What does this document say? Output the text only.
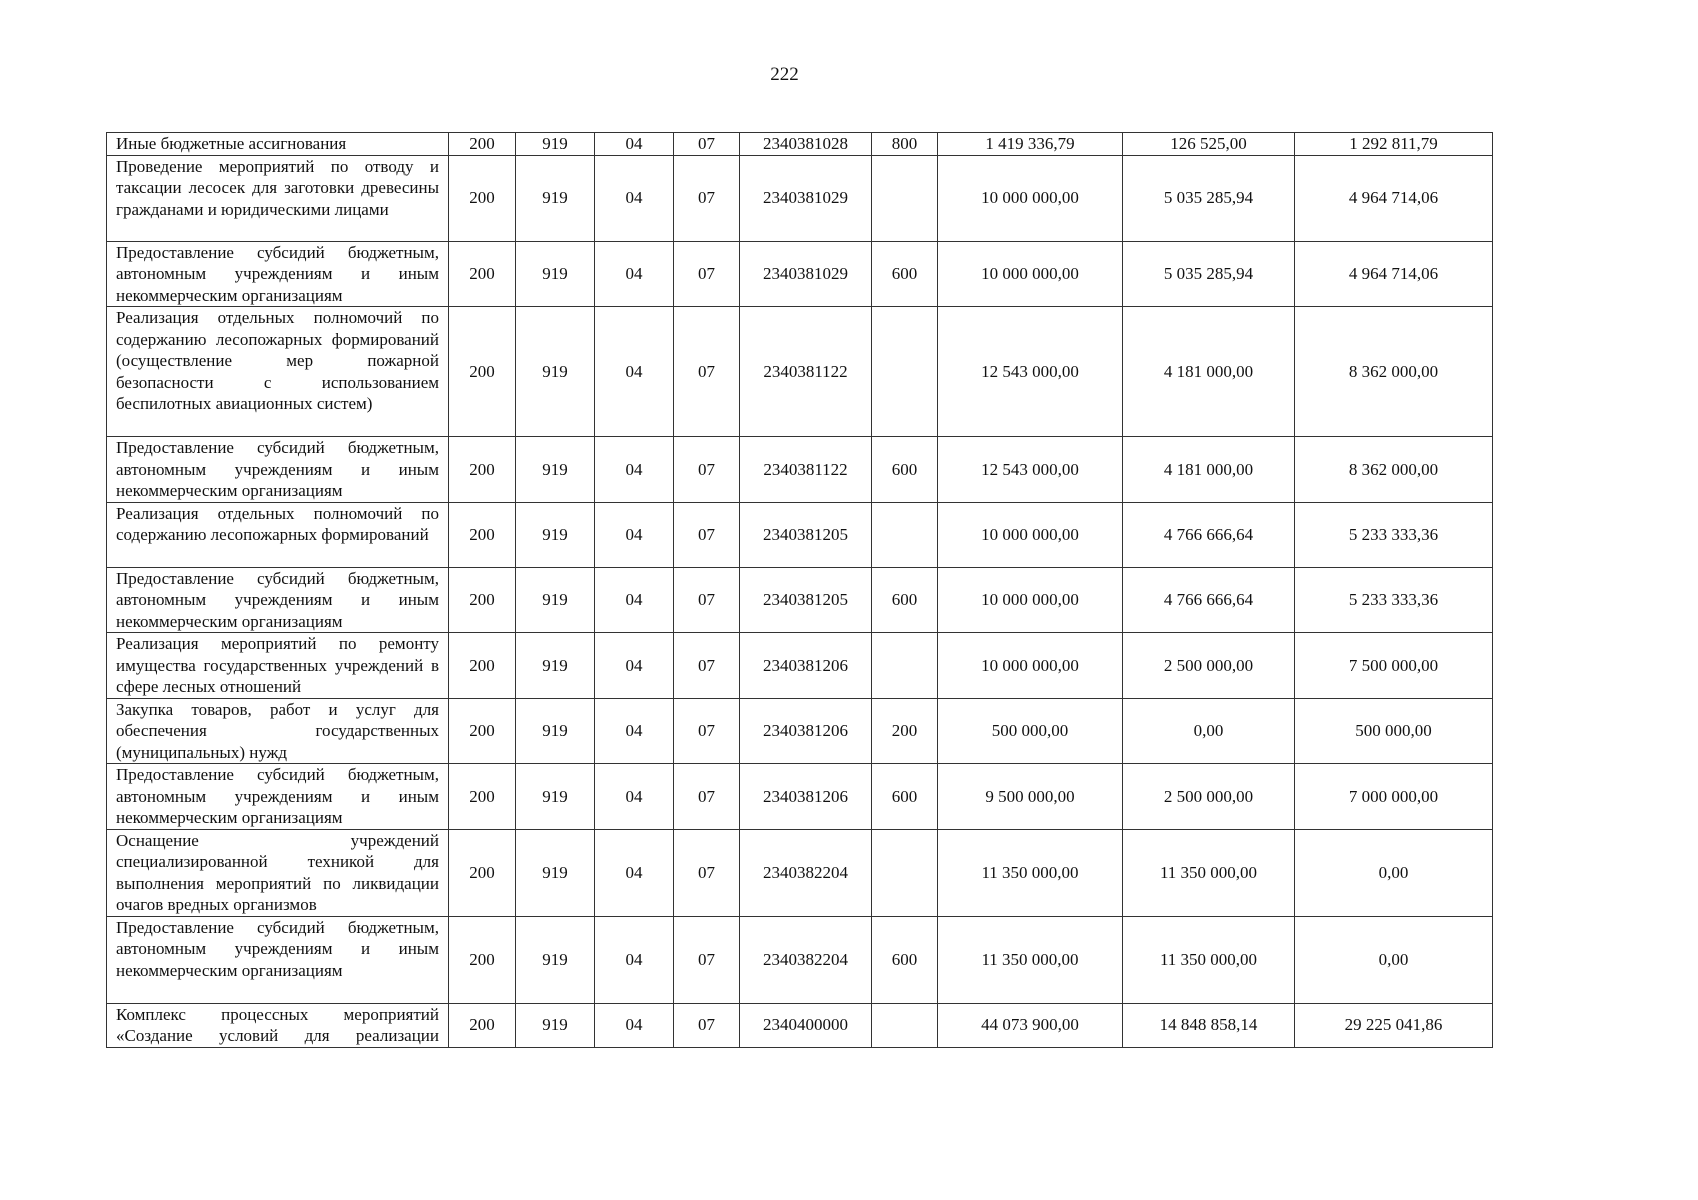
222
Иные бюджетные ассигнования	200	919	04	07	2340381028	800	1 419 336,79	126 525,00	1 292 811,79
Проведение мероприятий по отводу и таксации лесосек для заготовки древесины гражданами и юридическими лицами	200	919	04	07	2340381029		10 000 000,00	5 035 285,94	4 964 714,06
Предоставление субсидий бюджетным, автономным учреждениям и иным некоммерческим организациям	200	919	04	07	2340381029	600	10 000 000,00	5 035 285,94	4 964 714,06
Реализация отдельных полномочий по содержанию лесопожарных формирований (осуществление мер пожарной безопасности с использованием беспилотных авиационных систем)	200	919	04	07	2340381122		12 543 000,00	4 181 000,00	8 362 000,00
Предоставление субсидий бюджетным, автономным учреждениям и иным некоммерческим организациям	200	919	04	07	2340381122	600	12 543 000,00	4 181 000,00	8 362 000,00
Реализация отдельных полномочий по содержанию лесопожарных формирований	200	919	04	07	2340381205		10 000 000,00	4 766 666,64	5 233 333,36
Предоставление субсидий бюджетным, автономным учреждениям и иным некоммерческим организациям	200	919	04	07	2340381205	600	10 000 000,00	4 766 666,64	5 233 333,36
Реализация мероприятий по ремонту имущества государственных учреждений в сфере лесных отношений	200	919	04	07	2340381206		10 000 000,00	2 500 000,00	7 500 000,00
Закупка товаров, работ и услуг для обеспечения государственных (муниципальных) нужд	200	919	04	07	2340381206	200	500 000,00	0,00	500 000,00
Предоставление субсидий бюджетным, автономным учреждениям и иным некоммерческим организациям	200	919	04	07	2340381206	600	9 500 000,00	2 500 000,00	7 000 000,00
Оснащение учреждений специализированной техникой для выполнения мероприятий по ликвидации очагов вредных организмов	200	919	04	07	2340382204		11 350 000,00	11 350 000,00	0,00
Предоставление субсидий бюджетным, автономным учреждениям и иным некоммерческим организациям	200	919	04	07	2340382204	600	11 350 000,00	11 350 000,00	0,00
Комплекс процессных мероприятий «Создание условий для реализации	200	919	04	07	2340400000		44 073 900,00	14 848 858,14	29 225 041,86
